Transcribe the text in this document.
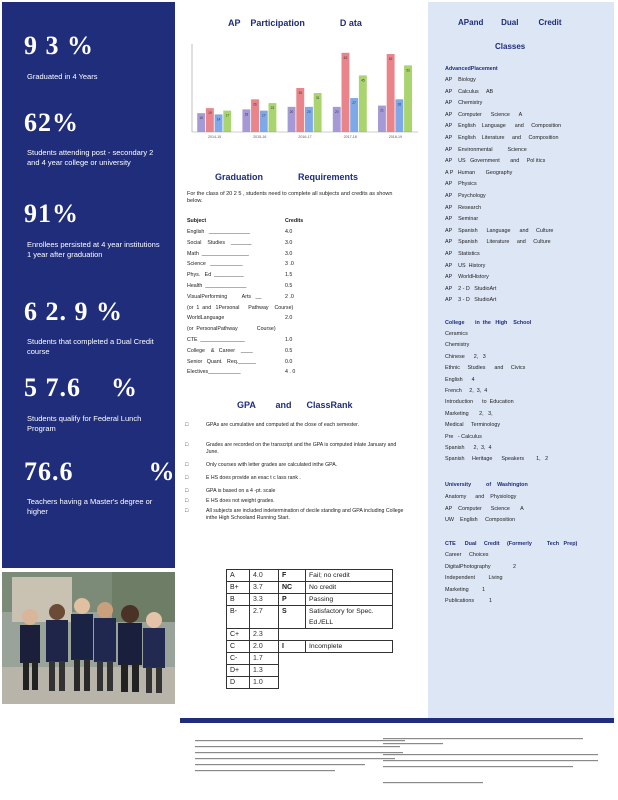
9 3 %
Graduated in 4 Years
62%
Students attending post - secondary 2 and 4 year college or university
91%
Enrollees persisted at 4 year institutions 1 year after graduation
6 2. 9 %
Students that completed a Dual Credit course
5 7.6    %
Students qualify for Federal Lunch Program
76.6          %
Teachers having a Master's degree or higher
AP    Participation              D ata
15
19
14
17	18
26
17
23
20
35
20
31
20
63
27
45
21
62
26
53
2014-15	2015-16	2016-17	2017-18	2018-19
Graduation              Requirements
For the class of 20 2 5 , students need to complete all subjects and credits as shown below.
Subject	Credits
English   ______________	4.0
Social    Studies    _______	3.0
Math  ________________	3.0
Science   ___________	3 .0
Phys.   Ed  __________	1.5
Health  ______________	0.5
VisualPerforming          Arts   __	2 .0
(or  1  and   1Personal      Pathway    Course)
WorldLanguage	2.0
(or  PersonalPathway             Course)
CTE  _______________	1.0
College    &   Career    ____	0.5
Senior   Quant.   Req.______	0.0
Electives___________	4 . 0
GPA        and      ClassRank
□	GPAs are cumulative and computed at the close of each semester.
□	Grades are recorded on the transcript and the GPA is computed inlate January and June.
□	Only courses with letter grades are calculated inthe GPA.
□	E HS does provide an exac t c lass rank .
□	GPA is based on a 4 -pt. scale
□	E HS does not weight grades.
□	All subjects are included indetermination of decile standing and GPA including College inthe High Schooland Running Start.
A	4.0	F	Fail; no credit
B+	3.7	NC	No credit
B	3.3	P	Passing
B-	2.7	S	Satisfactory for Spec. Ed./ELL
C+	2.3		
C	2.0	I	Incomplete
C-	1.7		
D+	1.3		
D	1.0		
APand        Dual         Credit
Classes
AdvancedPlacement
AP    Biology
AP    Calculus     AB
AP    Chemistry
AP    Computer      Science      A
AP    English    Language      and     Composition
AP    English    Literature     and     Composition
AP    Environmental          Science
AP    US   Government       and     Pol itics
A P   Human       Geography
AP    Physics
AP    Psychology
AP    Research
AP    Seminar
AP    Spanish      Language      and     Culture
AP    Spanish      Literature     and     Culture
AP    Statistics
AP    US  History
AP    WorldHistory
AP    2 - D   StudioArt
AP    3 - D   StudioArt
College       in  the   High    School
Ceramics
Chemistry
Chinese      2,   3
Ethnic     Studies      and     Civics
English      4
French     2,  3,  4
Introduction      to  Education
Marketing       2,   3,
Medical     Terminology
Pre   - Calculus
Spanish      2,  3,  4
Spanish     Heritage      Speakers        1,   2
University          of    Washington
Anatomy      and    Physiology
AP    Computer      Science       A
UW    English     Composition
CTE      Dual     Credit     (Formerly          Tech   Prep)
Career     Choices
DigitalPhotography               2
Independent         Living
Marketing         1
Publications          1
